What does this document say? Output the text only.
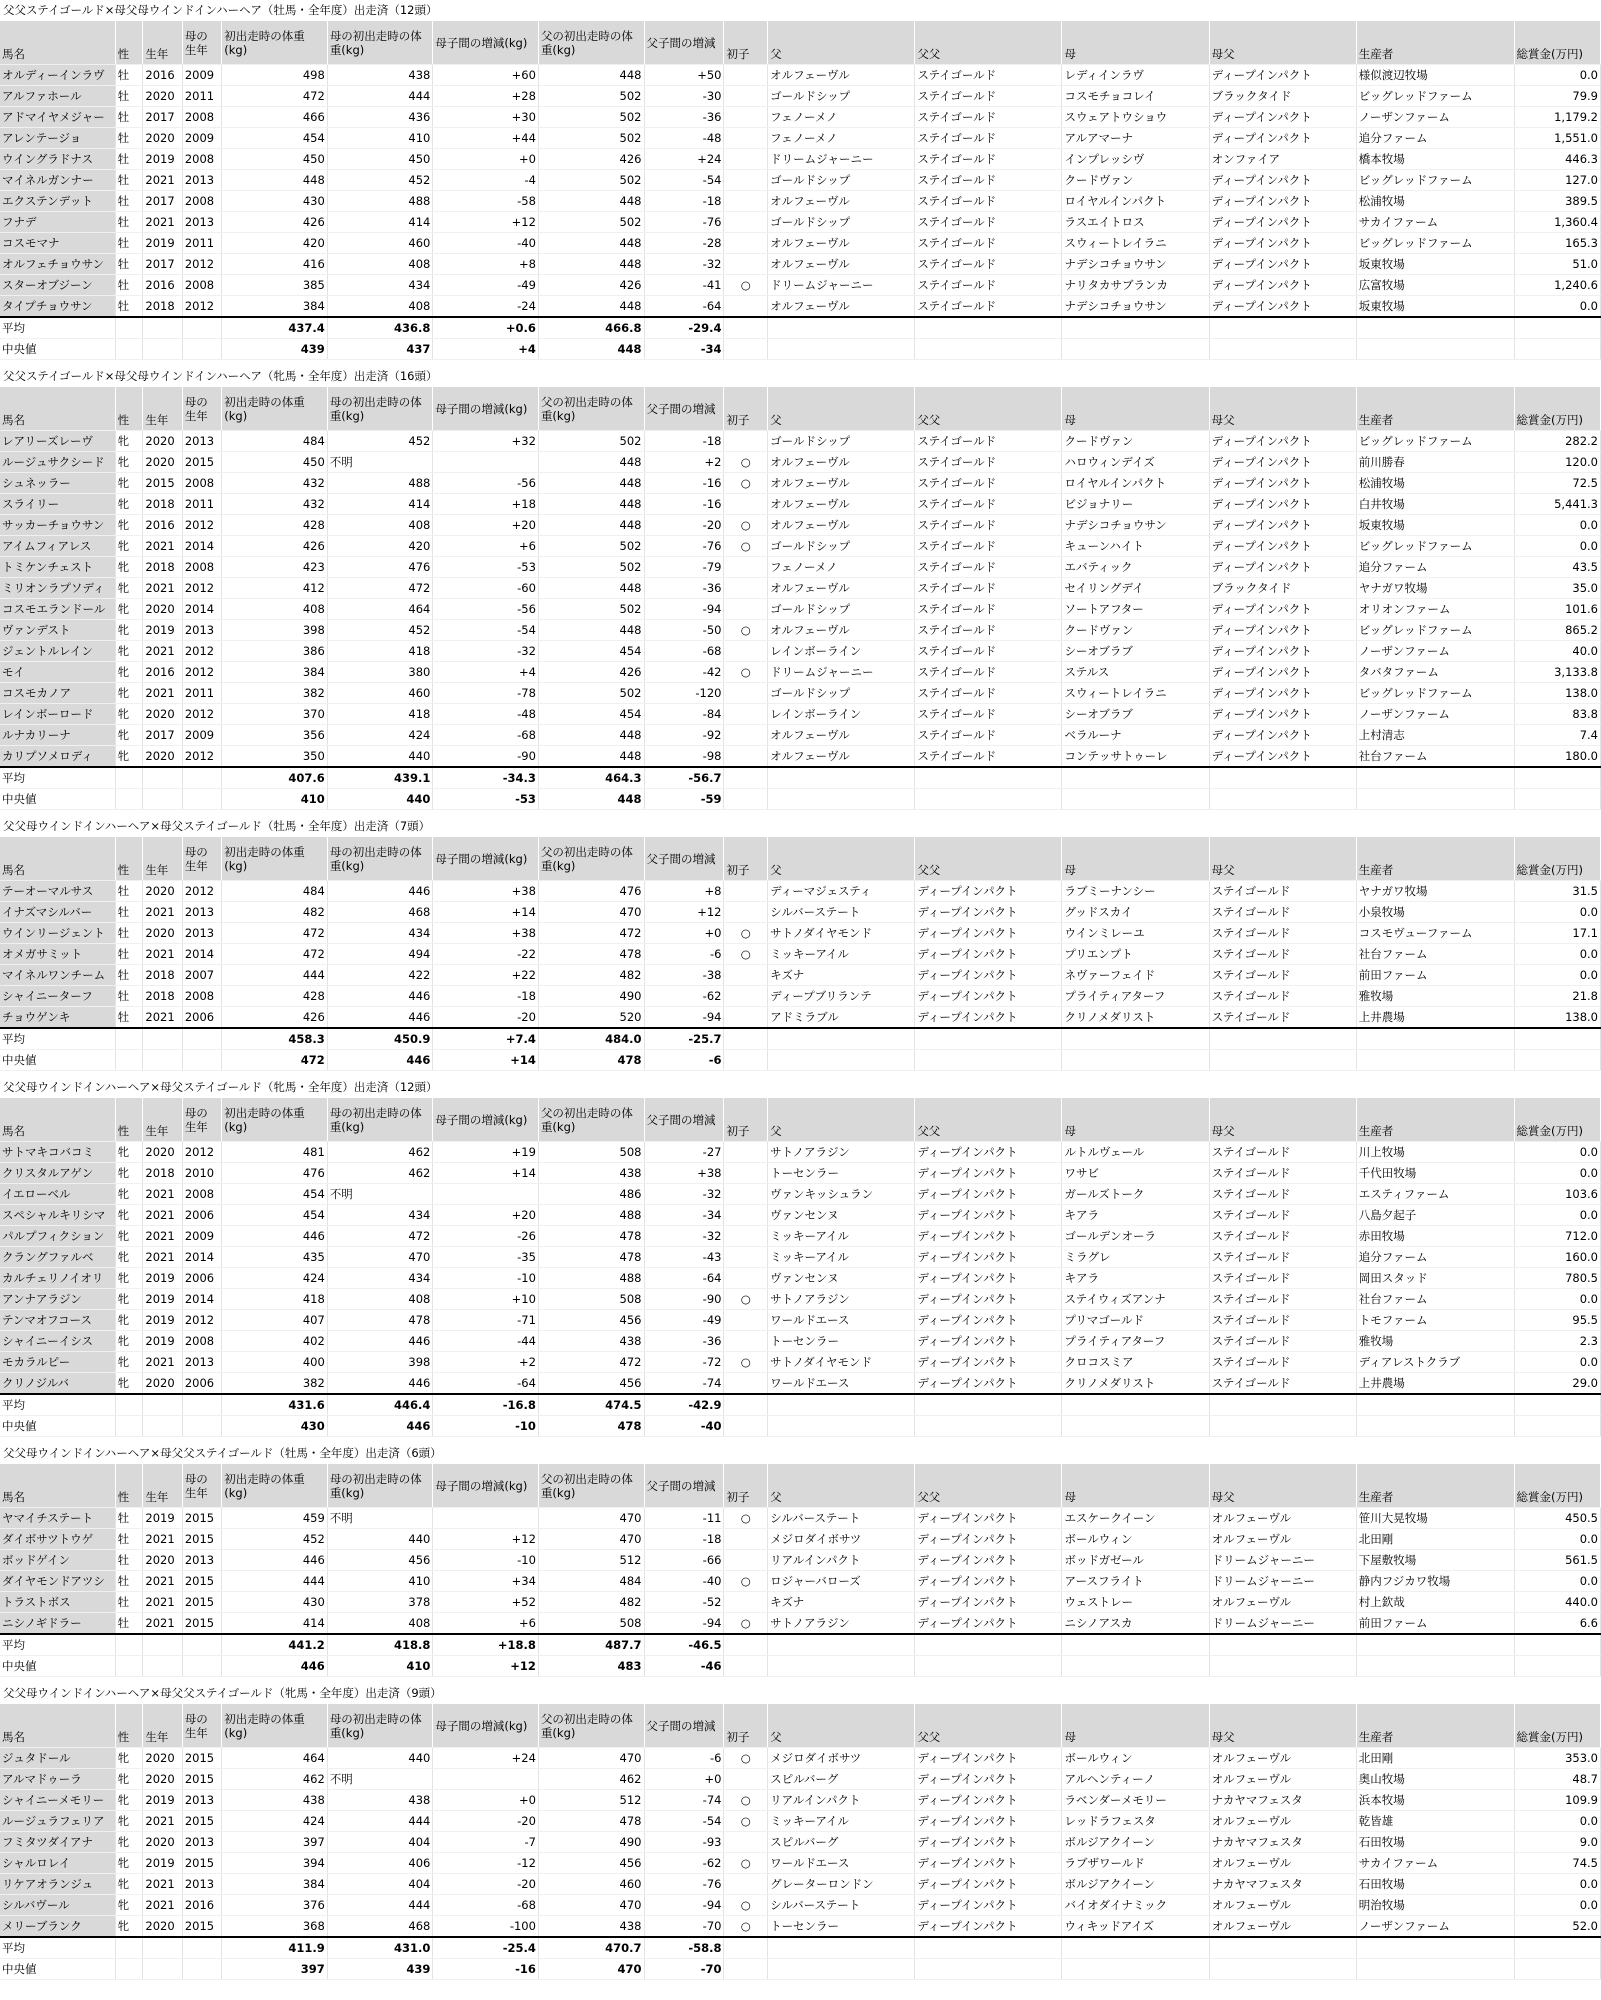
父父ステイゴールド×母父母ウインドインハーヘア（牡馬・全年度）出走済（12頭）
馬名	性	生年	母の生年	初出走時の体重(kg)	母の初出走時の体重(kg)	母子間の増減(kg)	父の初出走時の体重(kg)	父子間の増減	初子	父	父父	母	母父	生産者	総賞金(万円)
オルディーインラヴ	牡	2016	2009	498	438	+60	448	+50		オルフェーヴル	ステイゴールド	レディインラヴ	ディープインパクト	様似渡辺牧場	0.0
アルファホール	牡	2020	2011	472	444	+28	502	-30		ゴールドシップ	ステイゴールド	コスモチョコレイ	ブラックタイド	ビッグレッドファーム	79.9
アドマイヤメジャー	牡	2017	2008	466	436	+30	502	-36		フェノーメノ	ステイゴールド	スウェアトウショウ	ディープインパクト	ノーザンファーム	1,179.2
アレンテージョ	牡	2020	2009	454	410	+44	502	-48		フェノーメノ	ステイゴールド	アルアマーナ	ディープインパクト	追分ファーム	1,551.0
ウイングラドナス	牡	2019	2008	450	450	+0	426	+24		ドリームジャーニー	ステイゴールド	インプレッシヴ	オンファイア	橋本牧場	446.3
マイネルガンナー	牡	2021	2013	448	452	-4	502	-54		ゴールドシップ	ステイゴールド	クードヴァン	ディープインパクト	ビッグレッドファーム	127.0
エクステンデット	牡	2017	2008	430	488	-58	448	-18		オルフェーヴル	ステイゴールド	ロイヤルインパクト	ディープインパクト	松浦牧場	389.5
フナデ	牡	2021	2013	426	414	+12	502	-76		ゴールドシップ	ステイゴールド	ラスエイトロス	ディープインパクト	サカイファーム	1,360.4
コスモマナ	牡	2019	2011	420	460	-40	448	-28		オルフェーヴル	ステイゴールド	スウィートレイラニ	ディープインパクト	ビッグレッドファーム	165.3
オルフェチョウサン	牡	2017	2012	416	408	+8	448	-32		オルフェーヴル	ステイゴールド	ナデシコチョウサン	ディープインパクト	坂東牧場	51.0
スターオブジーン	牡	2016	2008	385	434	-49	426	-41	○	ドリームジャーニー	ステイゴールド	ナリタカサブランカ	ディープインパクト	広富牧場	1,240.6
タイプチョウサン	牡	2018	2012	384	408	-24	448	-64		オルフェーヴル	ステイゴールド	ナデシコチョウサン	ディープインパクト	坂東牧場	0.0
平均				437.4	436.8	+0.6	466.8	-29.4							
中央値				439	437	+4	448	-34							
父父ステイゴールド×母父母ウインドインハーヘア（牝馬・全年度）出走済（16頭）
馬名	性	生年	母の生年	初出走時の体重(kg)	母の初出走時の体重(kg)	母子間の増減(kg)	父の初出走時の体重(kg)	父子間の増減	初子	父	父父	母	母父	生産者	総賞金(万円)
レアリーズレーヴ	牝	2020	2013	484	452	+32	502	-18		ゴールドシップ	ステイゴールド	クードヴァン	ディープインパクト	ビッグレッドファーム	282.2
ルージュサクシード	牝	2020	2015	450	不明		448	+2	○	オルフェーヴル	ステイゴールド	ハロウィンデイズ	ディープインパクト	前川勝春	120.0
シュネッラー	牝	2015	2008	432	488	-56	448	-16	○	オルフェーヴル	ステイゴールド	ロイヤルインパクト	ディープインパクト	松浦牧場	72.5
スライリー	牝	2018	2011	432	414	+18	448	-16		オルフェーヴル	ステイゴールド	ビジョナリー	ディープインパクト	白井牧場	5,441.3
サッカーチョウサン	牝	2016	2012	428	408	+20	448	-20	○	オルフェーヴル	ステイゴールド	ナデシコチョウサン	ディープインパクト	坂東牧場	0.0
アイムフィアレス	牝	2021	2014	426	420	+6	502	-76	○	ゴールドシップ	ステイゴールド	キューンハイト	ディープインパクト	ビッグレッドファーム	0.0
トミケンチェスト	牝	2018	2008	423	476	-53	502	-79		フェノーメノ	ステイゴールド	エバティック	ディープインパクト	追分ファーム	43.5
ミリオンラプソディ	牝	2021	2012	412	472	-60	448	-36		オルフェーヴル	ステイゴールド	セイリングデイ	ブラックタイド	ヤナガワ牧場	35.0
コスモエランドール	牝	2020	2014	408	464	-56	502	-94		ゴールドシップ	ステイゴールド	ソートアフター	ディープインパクト	オリオンファーム	101.6
ヴァンデスト	牝	2019	2013	398	452	-54	448	-50	○	オルフェーヴル	ステイゴールド	クードヴァン	ディープインパクト	ビッグレッドファーム	865.2
ジェントルレイン	牝	2021	2012	386	418	-32	454	-68		レインボーライン	ステイゴールド	シーオブラブ	ディープインパクト	ノーザンファーム	40.0
モイ	牝	2016	2012	384	380	+4	426	-42	○	ドリームジャーニー	ステイゴールド	ステルス	ディープインパクト	タバタファーム	3,133.8
コスモカノア	牝	2021	2011	382	460	-78	502	-120		ゴールドシップ	ステイゴールド	スウィートレイラニ	ディープインパクト	ビッグレッドファーム	138.0
レインボーロード	牝	2020	2012	370	418	-48	454	-84		レインボーライン	ステイゴールド	シーオブラブ	ディープインパクト	ノーザンファーム	83.8
ルナカリーナ	牝	2017	2009	356	424	-68	448	-92		オルフェーヴル	ステイゴールド	ベラルーナ	ディープインパクト	上村清志	7.4
カリプソメロディ	牝	2020	2012	350	440	-90	448	-98		オルフェーヴル	ステイゴールド	コンテッサトゥーレ	ディープインパクト	社台ファーム	180.0
平均				407.6	439.1	-34.3	464.3	-56.7							
中央値				410	440	-53	448	-59							
父父母ウインドインハーヘア×母父ステイゴールド（牡馬・全年度）出走済（7頭）
馬名	性	生年	母の生年	初出走時の体重(kg)	母の初出走時の体重(kg)	母子間の増減(kg)	父の初出走時の体重(kg)	父子間の増減	初子	父	父父	母	母父	生産者	総賞金(万円)
テーオーマルサス	牡	2020	2012	484	446	+38	476	+8		ディーマジェスティ	ディープインパクト	ラブミーナンシー	ステイゴールド	ヤナガワ牧場	31.5
イナズマシルバー	牡	2021	2013	482	468	+14	470	+12		シルバーステート	ディープインパクト	グッドスカイ	ステイゴールド	小泉牧場	0.0
ウインリージェント	牡	2020	2013	472	434	+38	472	+0	○	サトノダイヤモンド	ディープインパクト	ウインミレーユ	ステイゴールド	コスモヴューファーム	17.1
オメガサミット	牡	2021	2014	472	494	-22	478	-6	○	ミッキーアイル	ディープインパクト	プリエンプト	ステイゴールド	社台ファーム	0.0
マイネルワンチーム	牡	2018	2007	444	422	+22	482	-38		キズナ	ディープインパクト	ネヴァーフェイド	ステイゴールド	前田ファーム	0.0
シャイニーターフ	牡	2018	2008	428	446	-18	490	-62		ディープブリランテ	ディープインパクト	プライティアターフ	ステイゴールド	雅牧場	21.8
チョウゲンキ	牡	2021	2006	426	446	-20	520	-94		アドミラブル	ディープインパクト	クリノメダリスト	ステイゴールド	上井農場	138.0
平均				458.3	450.9	+7.4	484.0	-25.7							
中央値				472	446	+14	478	-6							
父父母ウインドインハーヘア×母父ステイゴールド（牝馬・全年度）出走済（12頭）
馬名	性	生年	母の生年	初出走時の体重(kg)	母の初出走時の体重(kg)	母子間の増減(kg)	父の初出走時の体重(kg)	父子間の増減	初子	父	父父	母	母父	生産者	総賞金(万円)
サトマキコバコミ	牝	2020	2012	481	462	+19	508	-27		サトノアラジン	ディープインパクト	ルトルヴェール	ステイゴールド	川上牧場	0.0
クリスタルアゲン	牝	2018	2010	476	462	+14	438	+38		トーセンラー	ディープインパクト	ワサビ	ステイゴールド	千代田牧場	0.0
イエローベル	牝	2021	2008	454	不明		486	-32		ヴァンキッシュラン	ディープインパクト	ガールズトーク	ステイゴールド	エスティファーム	103.6
スペシャルキリシマ	牝	2021	2006	454	434	+20	488	-34		ヴァンセンヌ	ディープインパクト	キアラ	ステイゴールド	八島夕起子	0.0
パルプフィクション	牝	2021	2009	446	472	-26	478	-32		ミッキーアイル	ディープインパクト	ゴールデンオーラ	ステイゴールド	赤田牧場	712.0
クラングファルベ	牝	2021	2014	435	470	-35	478	-43		ミッキーアイル	ディープインパクト	ミラグレ	ステイゴールド	追分ファーム	160.0
カルチェリノイオリ	牝	2019	2006	424	434	-10	488	-64		ヴァンセンヌ	ディープインパクト	キアラ	ステイゴールド	岡田スタッド	780.5
アンナアラジン	牝	2019	2014	418	408	+10	508	-90	○	サトノアラジン	ディープインパクト	ステイウィズアンナ	ステイゴールド	社台ファーム	0.0
テンマオフコース	牝	2019	2012	407	478	-71	456	-49		ワールドエース	ディープインパクト	プリマゴールド	ステイゴールド	トモファーム	95.5
シャイニーイシス	牝	2019	2008	402	446	-44	438	-36		トーセンラー	ディープインパクト	プライティアターフ	ステイゴールド	雅牧場	2.3
モカラルピー	牝	2021	2013	400	398	+2	472	-72	○	サトノダイヤモンド	ディープインパクト	クロコスミア	ステイゴールド	ディアレストクラブ	0.0
クリノジルバ	牝	2020	2006	382	446	-64	456	-74		ワールドエース	ディープインパクト	クリノメダリスト	ステイゴールド	上井農場	29.0
平均				431.6	446.4	-16.8	474.5	-42.9							
中央値				430	446	-10	478	-40							
父父母ウインドインハーヘア×母父父ステイゴールド（牡馬・全年度）出走済（6頭）
馬名	性	生年	母の生年	初出走時の体重(kg)	母の初出走時の体重(kg)	母子間の増減(kg)	父の初出走時の体重(kg)	父子間の増減	初子	父	父父	母	母父	生産者	総賞金(万円)
ヤマイチステート	牡	2019	2015	459	不明		470	-11	○	シルバーステート	ディープインパクト	エスケークイーン	オルフェーヴル	笹川大晃牧場	450.5
ダイボサツトウゲ	牡	2021	2015	452	440	+12	470	-18		メジロダイボサツ	ディープインパクト	ボールウィン	オルフェーヴル	北田剛	0.0
ボッドゲイン	牡	2020	2013	446	456	-10	512	-66		リアルインパクト	ディープインパクト	ボッドガゼール	ドリームジャーニー	下屋敷牧場	561.5
ダイヤモンドアツシ	牡	2021	2015	444	410	+34	484	-40	○	ロジャーバローズ	ディープインパクト	アースフライト	ドリームジャーニー	静内フジカワ牧場	0.0
トラストボス	牡	2021	2015	430	378	+52	482	-52		キズナ	ディープインパクト	ウェストレー	オルフェーヴル	村上欽哉	440.0
ニシノギドラー	牡	2021	2015	414	408	+6	508	-94	○	サトノアラジン	ディープインパクト	ニシノアスカ	ドリームジャーニー	前田ファーム	6.6
平均				441.2	418.8	+18.8	487.7	-46.5							
中央値				446	410	+12	483	-46							
父父母ウインドインハーヘア×母父父ステイゴールド（牝馬・全年度）出走済（9頭）
馬名	性	生年	母の生年	初出走時の体重(kg)	母の初出走時の体重(kg)	母子間の増減(kg)	父の初出走時の体重(kg)	父子間の増減	初子	父	父父	母	母父	生産者	総賞金(万円)
ジュタドール	牝	2020	2015	464	440	+24	470	-6	○	メジロダイボサツ	ディープインパクト	ボールウィン	オルフェーヴル	北田剛	353.0
アルマドゥーラ	牝	2020	2015	462	不明		462	+0		スピルバーグ	ディープインパクト	アルヘンティーノ	オルフェーヴル	奥山牧場	48.7
シャイニーメモリー	牝	2019	2013	438	438	+0	512	-74	○	リアルインパクト	ディープインパクト	ラベンダーメモリー	ナカヤマフェスタ	浜本牧場	109.9
ルージュラフェリア	牝	2021	2015	424	444	-20	478	-54	○	ミッキーアイル	ディープインパクト	レッドラフェスタ	オルフェーヴル	乾皆雄	0.0
フミタツダイアナ	牝	2020	2013	397	404	-7	490	-93		スピルバーグ	ディープインパクト	ボルジアクイーン	ナカヤマフェスタ	石田牧場	9.0
シャルロレイ	牝	2019	2015	394	406	-12	456	-62	○	ワールドエース	ディープインパクト	ラブザワールド	オルフェーヴル	サカイファーム	74.5
リケアオランジュ	牝	2021	2013	384	404	-20	460	-76		グレーターロンドン	ディープインパクト	ボルジアクイーン	ナカヤマフェスタ	石田牧場	0.0
シルバヴール	牝	2021	2016	376	444	-68	470	-94	○	シルバーステート	ディープインパクト	バイオダイナミック	オルフェーヴル	明治牧場	0.0
メリーブランク	牝	2020	2015	368	468	-100	438	-70	○	トーセンラー	ディープインパクト	ウィキッドアイズ	オルフェーヴル	ノーザンファーム	52.0
平均				411.9	431.0	-25.4	470.7	-58.8							
中央値				397	439	-16	470	-70							
